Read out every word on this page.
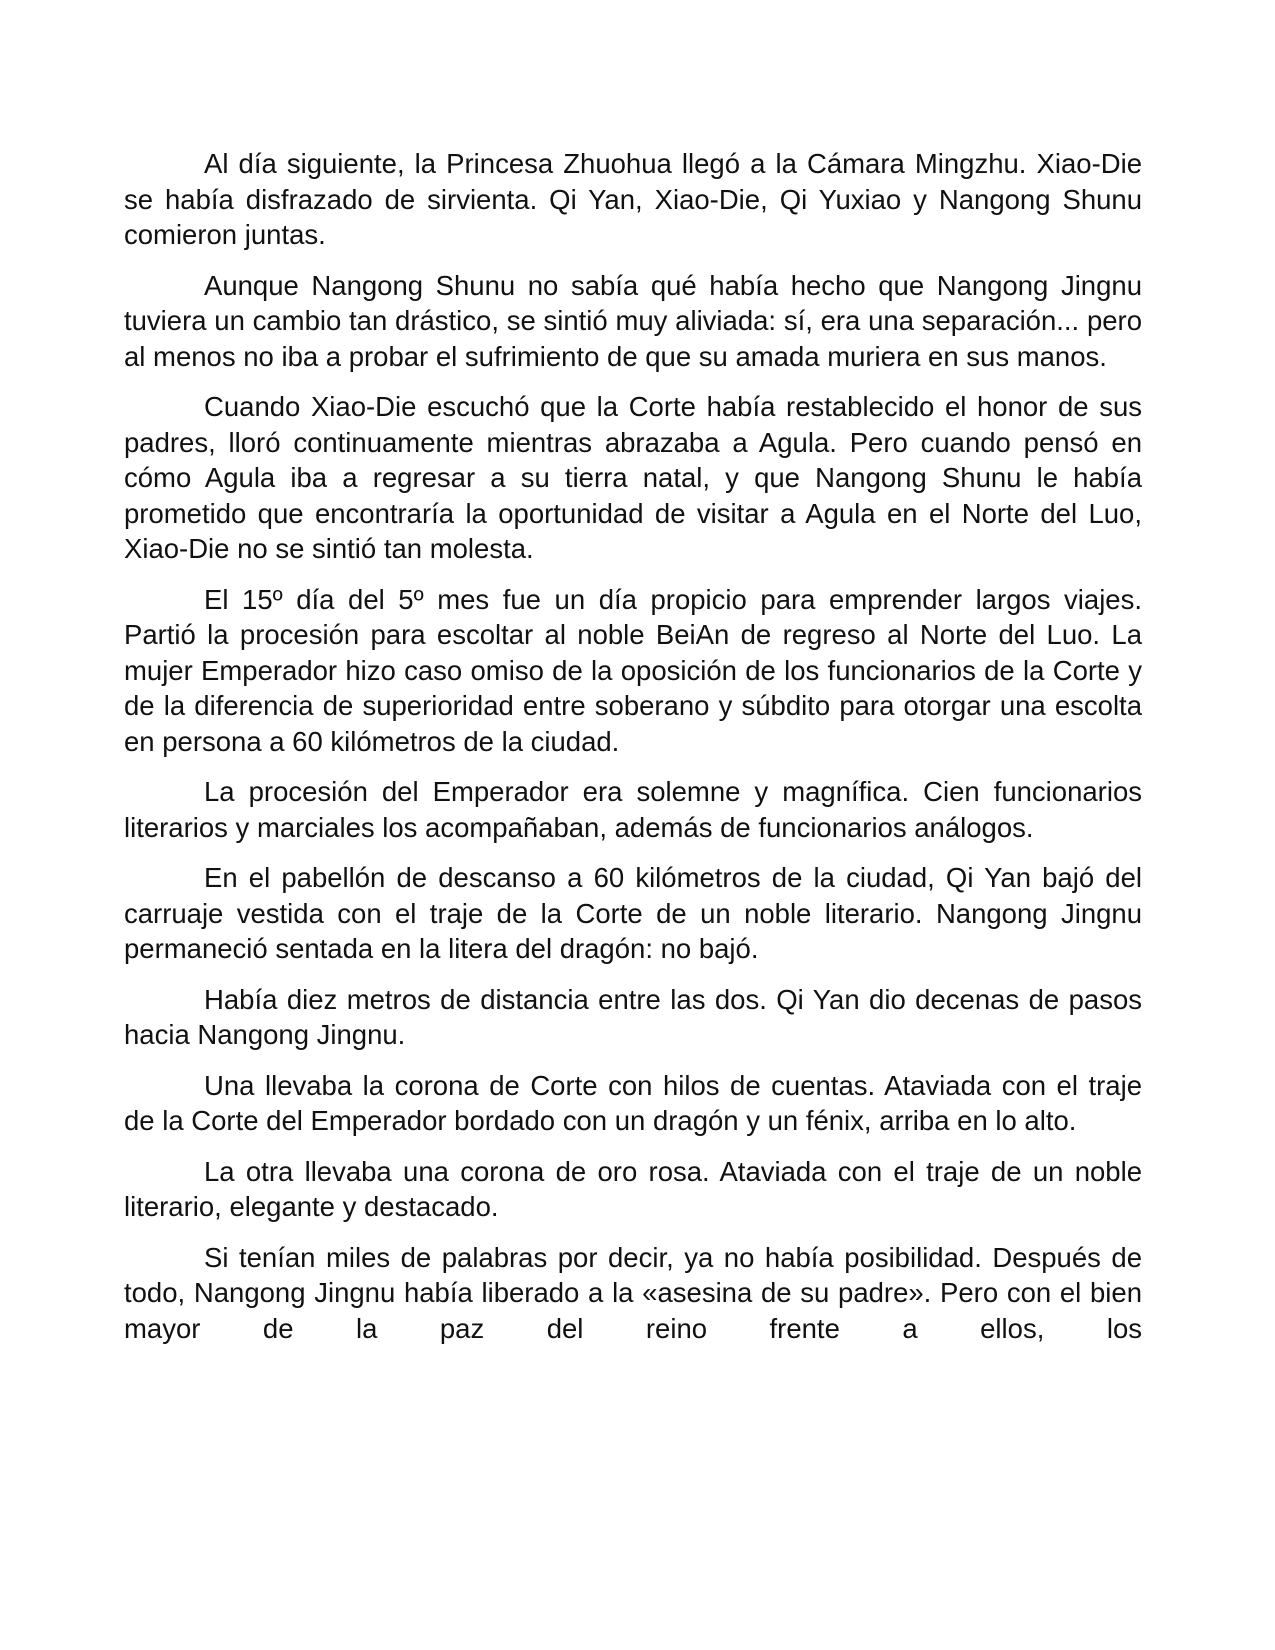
Al día siguiente, la Princesa Zhuohua llegó a la Cámara Mingzhu. Xiao-Die se había disfrazado de sirvienta. Qi Yan, Xiao-Die, Qi Yuxiao y Nangong Shunu comieron juntas.

Aunque Nangong Shunu no sabía qué había hecho que Nangong Jingnu tuviera un cambio tan drástico, se sintió muy aliviada: sí, era una separación... pero al menos no iba a probar el sufrimiento de que su amada muriera en sus manos.

Cuando Xiao-Die escuchó que la Corte había restablecido el honor de sus padres, lloró continuamente mientras abrazaba a Agula. Pero cuando pensó en cómo Agula iba a regresar a su tierra natal, y que Nangong Shunu le había prometido que encontraría la oportunidad de visitar a Agula en el Norte del Luo, Xiao-Die no se sintió tan molesta.

El 15º día del 5º mes fue un día propicio para emprender largos viajes. Partió la procesión para escoltar al noble BeiAn de regreso al Norte del Luo. La mujer Emperador hizo caso omiso de la oposición de los funcionarios de la Corte y de la diferencia de superioridad entre soberano y súbdito para otorgar una escolta en persona a 60 kilómetros de la ciudad.

La procesión del Emperador era solemne y magnífica. Cien funcionarios literarios y marciales los acompañaban, además de funcionarios análogos.

En el pabellón de descanso a 60 kilómetros de la ciudad, Qi Yan bajó del carruaje vestida con el traje de la Corte de un noble literario. Nangong Jingnu permaneció sentada en la litera del dragón: no bajó.

Había diez metros de distancia entre las dos. Qi Yan dio decenas de pasos hacia Nangong Jingnu.

Una llevaba la corona de Corte con hilos de cuentas. Ataviada con el traje de la Corte del Emperador bordado con un dragón y un fénix, arriba en lo alto.

La otra llevaba una corona de oro rosa. Ataviada con el traje de un noble literario, elegante y destacado.

Si tenían miles de palabras por decir, ya no había posibilidad. Después de todo, Nangong Jingnu había liberado a la «asesina de su padre». Pero con el bien mayor de la paz del reino frente a ellos, los
